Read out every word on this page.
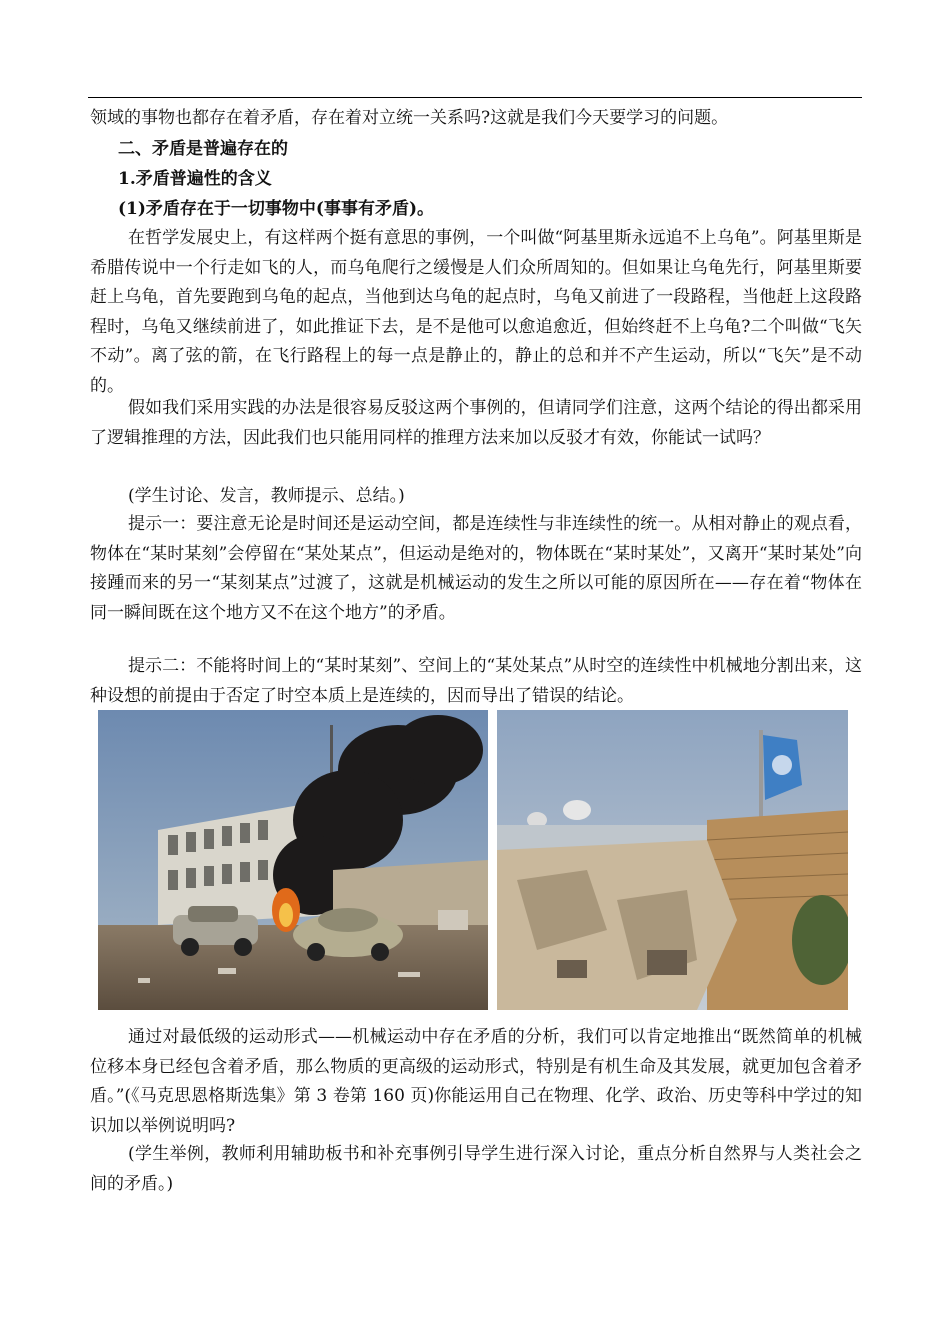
领域的事物也都存在着矛盾，存在着对立统一关系吗?这就是我们今天要学习的问题。

二、矛盾是普遍存在的

1.矛盾普遍性的含义

(1)矛盾存在于一切事物中(事事有矛盾)。

在哲学发展史上，有这样两个挺有意思的事例，一个叫做“阿基里斯永远追不上乌龟”。阿基里斯是希腊传说中一个行走如飞的人，而乌龟爬行之缓慢是人们众所周知的。但如果让乌龟先行，阿基里斯要赶上乌龟，首先要跑到乌龟的起点，当他到达乌龟的起点时，乌龟又前进了一段路程，当他赶上这段路程时，乌龟又继续前进了，如此推证下去，是不是他可以愈追愈近，但始终赶不上乌龟?二个叫做“飞矢不动”。离了弦的箭，在飞行路程上的每一点是静止的，静止的总和并不产生运动，所以“飞矢”是不动的。

假如我们采用实践的办法是很容易反驳这两个事例的，但请同学们注意，这两个结论的得出都采用了逻辑推理的方法，因此我们也只能用同样的推理方法来加以反驳才有效，你能试一试吗？

(学生讨论、发言，教师提示、总结。)

提示一：要注意无论是时间还是运动空间，都是连续性与非连续性的统一。从相对静止的观点看，物体在“某时某刻”会停留在“某处某点”，但运动是绝对的，物体既在“某时某处”，又离开“某时某处”向接踵而来的另一“某刻某点”过渡了，这就是机械运动的发生之所以可能的原因所在——存在着“物体在同一瞬间既在这个地方又不在这个地方”的矛盾。

提示二：不能将时间上的“某时某刻”、空间上的“某处某点”从时空的连续性中机械地分割出来，这种设想的前提由于否定了时空本质上是连续的，因而导出了错误的结论。

通过对最低级的运动形式——机械运动中存在矛盾的分析，我们可以肯定地推出“既然简单的机械位移本身已经包含着矛盾，那么物质的更高级的运动形式，特别是有机生命及其发展，就更加包含着矛盾。”(《马克思恩格斯选集》第 3 卷第 160 页)你能运用自己在物理、化学、政治、历史等科中学过的知识加以举例说明吗?

(学生举例，教师利用辅助板书和补充事例引导学生进行深入讨论，重点分析自然界与人类社会之间的矛盾。)
